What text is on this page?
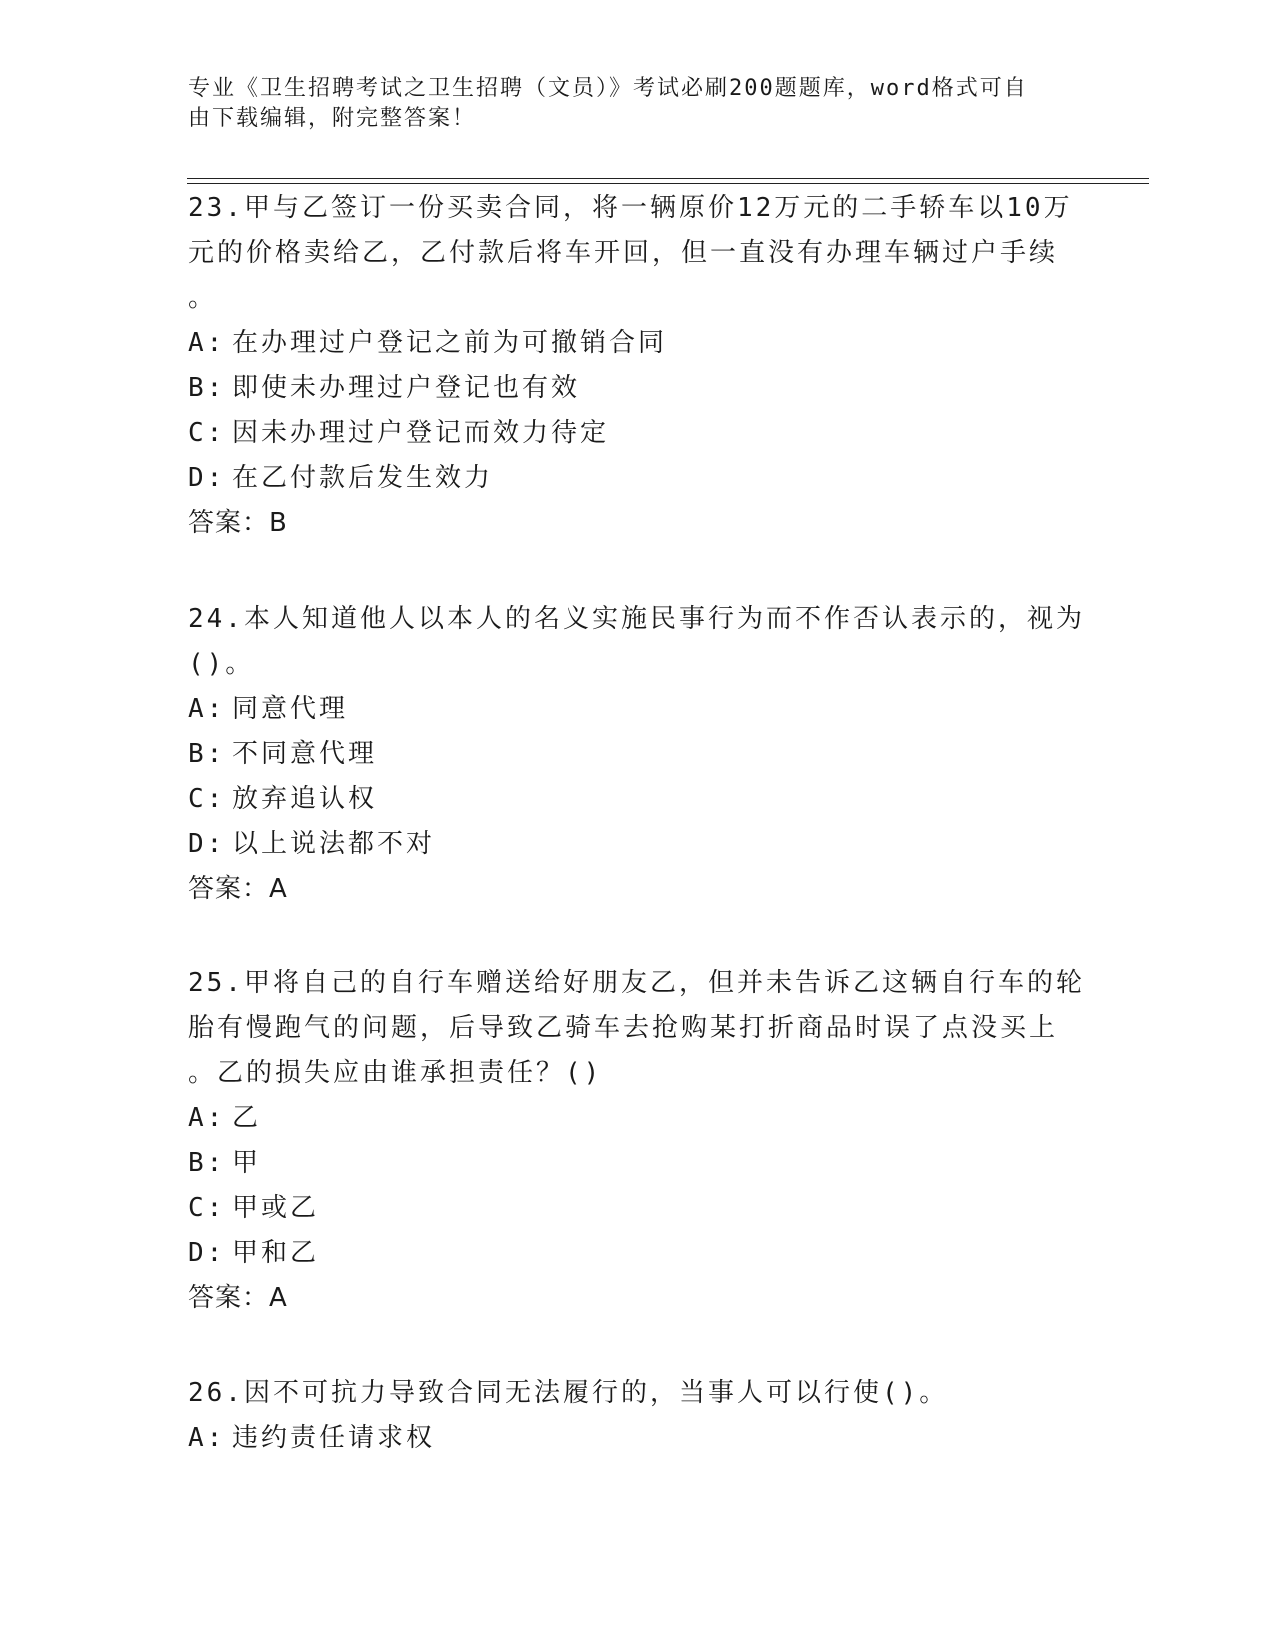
专业《卫生招聘考试之卫生招聘（文员）》考试必刷200题题库，word格式可自
由下载编辑，附完整答案！

23.甲与乙签订一份买卖合同，将一辆原价12万元的二手轿车以10万
元的价格卖给乙，乙付款后将车开回，但一直没有办理车辆过户手续
。

A: 在办理过户登记之前为可撤销合同
B: 即使未办理过户登记也有效
C: 因未办理过户登记而效力待定
D: 在乙付款后发生效力
答案：B

24.本人知道他人以本人的名义实施民事行为而不作否认表示的，视为
()。

A: 同意代理
B: 不同意代理
C: 放弃追认权
D: 以上说法都不对
答案：A

25.甲将自己的自行车赠送给好朋友乙，但并未告诉乙这辆自行车的轮
胎有慢跑气的问题，后导致乙骑车去抢购某打折商品时误了点没买上
。乙的损失应由谁承担责任？()

A: 乙
B: 甲
C: 甲或乙
D: 甲和乙
答案：A

26.因不可抗力导致合同无法履行的，当事人可以行使()。

A: 违约责任请求权
